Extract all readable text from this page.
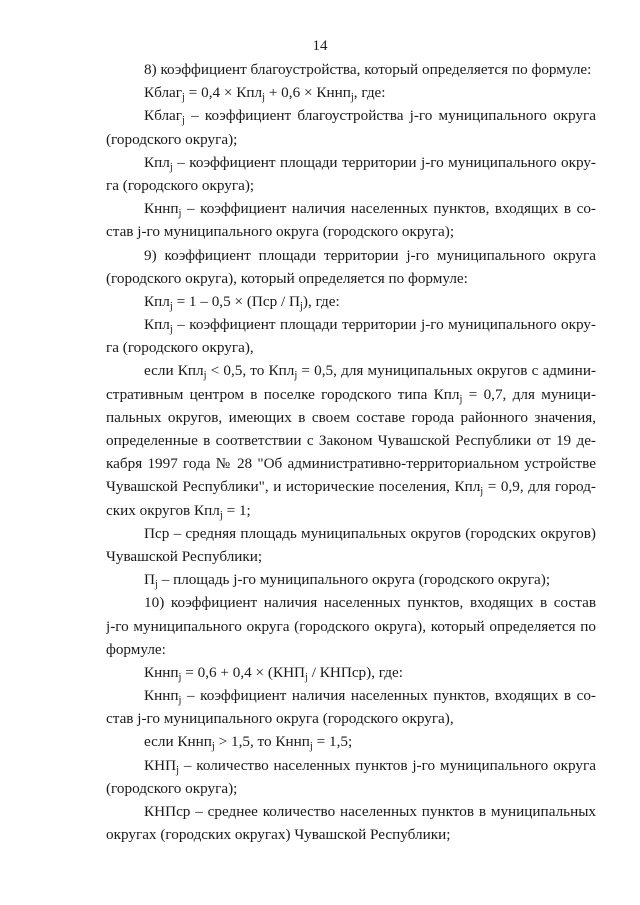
14
8) коэффициент благоустройства, который определяется по формуле:
Кблаг$_j$ = 0,4 × Кпл$_j$ + 0,6 × Кннп$_j$, где:
Кблаг$_j$ – коэффициент благоустройства j-го муниципального округа
(городского округа);
Кпл$_j$ – коэффициент площади территории j-го муниципального окру-
га (городского округа);
Кннп$_j$ – коэффициент наличия населенных пунктов, входящих в со-
став j-го муниципального округа (городского округа);
9) коэффициент площади территории j-го муниципального округа
(городского округа), который определяется по формуле:
$Кпл_j = 1 - 0,5 \times (Пср / П_j)$, где:
Кпл$_j$ – коэффициент площади территории j-го муниципального окру-
га (городского округа),
если Кпл$_j$ < 0,5, то Кпл$_j$ = 0,5, для муниципальных округов с админи-
стративным центром в поселке городского типа Кпл$_j$ = 0,7, для муници-
пальных округов, имеющих в своем составе города районного значения,
определенные в соответствии с Законом Чувашской Республики от 19 де-
кабря 1997 года № 28 "Об административно-территориальном устройстве
Чувашской Республики", и исторические поселения, Кпл$_j$ = 0,9, для город-
ских округов Кпл$_j$ = 1;
Пср – средняя площадь муниципальных округов (городских округов)
Чувашской Республики;
$П_j$ – площадь j-го муниципального округа (городского округа);
10) коэффициент наличия населенных пунктов, входящих в состав
j-го муниципального округа (городского округа), который определяется по
формуле:
Кннп$_j$ = $0,6 + 0,4 \times (КНП_j$ / КНПср), где:
Кннп$_j$ – коэффициент наличия населенных пунктов, входящих в со-
став j-го муниципального округа (городского округа),
если Кннп$_j$ > 1,5, то Кннп$_j$ = 1,5;
$КНП_j$ – количество населенных пунктов j-го муниципального округа
(городского округа);
КНПср – среднее количество населенных пунктов в муниципальных
округах (городских округах) Чувашской Республики;
